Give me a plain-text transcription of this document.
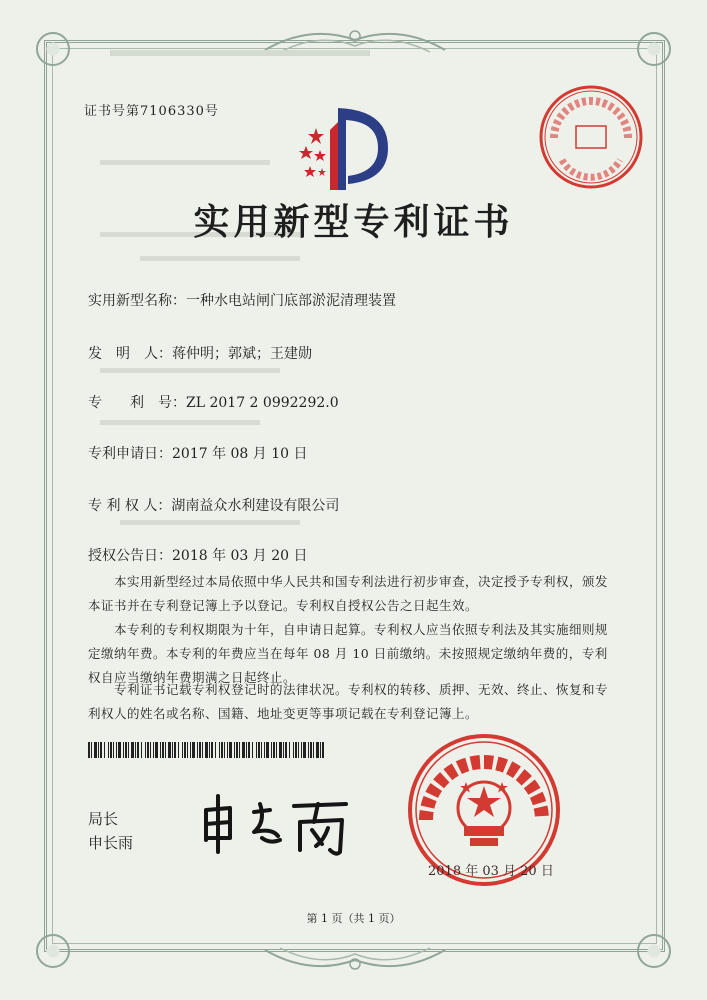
证书号第7106330号
实用新型专利证书
实用新型名称：一种水电站闸门底部淤泥清理装置
发　明　人：蒋仲明；郭斌；王建勋
专　　利　号：ZL 2017 2 0992292.0
专利申请日：2017 年 08 月 10 日
专 利 权 人：湖南益众水利建设有限公司
授权公告日：2018 年 03 月 20 日
本实用新型经过本局依照中华人民共和国专利法进行初步审查，决定授予专利权，颁发本证书并在专利登记簿上予以登记。专利权自授权公告之日起生效。
本专利的专利权期限为十年，自申请日起算。专利权人应当依照专利法及其实施细则规定缴纳年费。本专利的年费应当在每年 08 月 10 日前缴纳。未按照规定缴纳年费的，专利权自应当缴纳年费期满之日起终止。
专利证书记载专利权登记时的法律状况。专利权的转移、质押、无效、终止、恢复和专利权人的姓名或名称、国籍、地址变更等事项记载在专利登记簿上。
局长
申长雨
2018 年 03 月 20 日
第 1 页（共 1 页）
